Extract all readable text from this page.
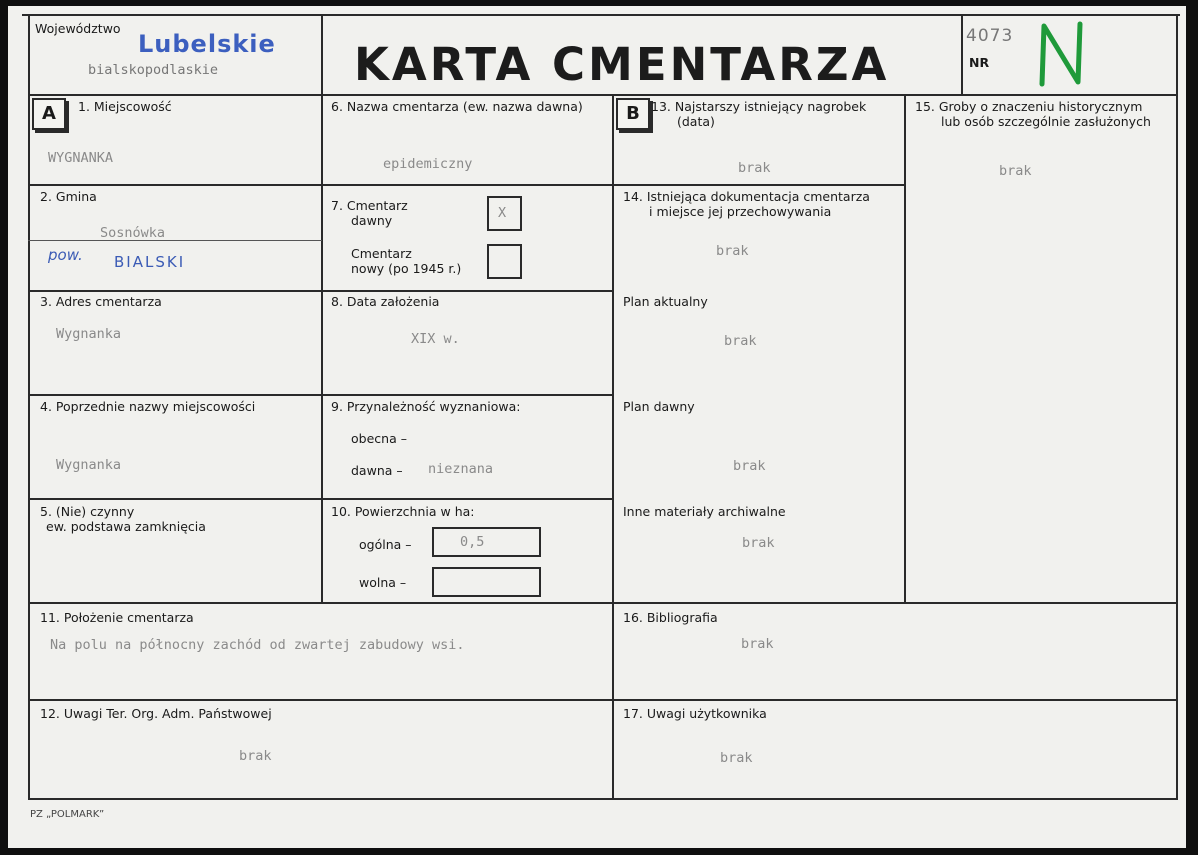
Województwo
Lubelskie
bialskopodlaskie	KARTA CMENTARZA	NR
4073
A	B
1. Miejscowość
WYGNANKA
2. Gmina
Sosnówka
pow. BIALSKI
3. Adres cmentarza
Wygnanka
4. Poprzednie nazwy miejscowości
Wygnanka
5. (Nie) czynny
ew. podstawa zamknięcia
6. Nazwa cmentarza (ew. nazwa dawna)
epidemiczny
7. Cmentarz
dawny	X
Cmentarz
nowy (po 1945 r.)
8. Data założenia
XIX w.
9. Przynależność wyznaniowa:
obecna –
dawna – nieznana
10. Powierzchnia w ha:
ogólna –	0,5
wolna –
13. Najstarszy istniejący nagrobek
(data)
brak
14. Istniejąca dokumentacja cmentarza
i miejsce jej przechowywania
brak
Plan aktualny
brak
Plan dawny
brak
Inne materiały archiwalne
brak
15. Groby o znaczeniu historycznym
lub osób szczególnie zasłużonych
brak
11. Położenie cmentarza
Na polu na północny zachód od zwartej zabudowy wsi.
16. Bibliografia
brak
12. Uwagi Ter. Org. Adm. Państwowej
brak
17. Uwagi użytkownika
brak
PZ „POLMARK”
